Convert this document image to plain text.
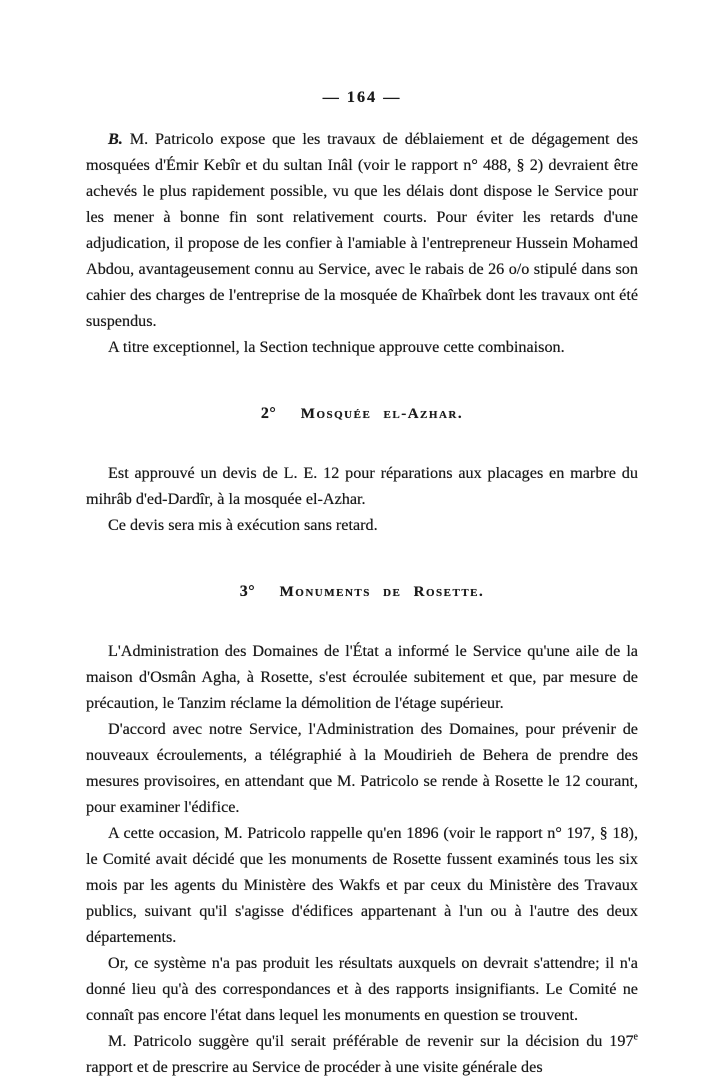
— 164 —

B. M. Patricolo expose que les travaux de déblaiement et de dégagement des mosquées d'Émir Kebîr et du sultan Inâl (voir le rapport n° 488, § 2) devraient être achevés le plus rapidement possible, vu que les délais dont dispose le Service pour les mener à bonne fin sont relativement courts. Pour éviter les retards d'une adjudication, il propose de les confier à l'amiable à l'entrepreneur Hussein Mohamed Abdou, avantageusement connu au Service, avec le rabais de 26 o/o stipulé dans son cahier des charges de l'entreprise de la mosquée de Khaîrbek dont les travaux ont été suspendus.

A titre exceptionnel, la Section technique approuve cette combinaison.

2° Mosquée el-Azhar.

Est approuvé un devis de L. E. 12 pour réparations aux placages en marbre du mihrâb d'ed-Dardîr, à la mosquée el-Azhar.

Ce devis sera mis à exécution sans retard.

3° Monuments de Rosette.

L'Administration des Domaines de l'État a informé le Service qu'une aile de la maison d'Osmân Agha, à Rosette, s'est écroulée subitement et que, par mesure de précaution, le Tanzim réclame la démolition de l'étage supérieur.

D'accord avec notre Service, l'Administration des Domaines, pour prévenir de nouveaux écroulements, a télégraphié à la Moudirieh de Behera de prendre des mesures provisoires, en attendant que M. Patricolo se rende à Rosette le 12 courant, pour examiner l'édifice.

A cette occasion, M. Patricolo rappelle qu'en 1896 (voir le rapport n° 197, § 18), le Comité avait décidé que les monuments de Rosette fussent examinés tous les six mois par les agents du Ministère des Wakfs et par ceux du Ministère des Travaux publics, suivant qu'il s'agisse d'édifices appartenant à l'un ou à l'autre des deux départements.

Or, ce système n'a pas produit les résultats auxquels on devrait s'attendre; il n'a donné lieu qu'à des correspondances et à des rapports insignifiants. Le Comité ne connaît pas encore l'état dans lequel les monuments en question se trouvent.

M. Patricolo suggère qu'il serait préférable de revenir sur la décision du 197e rapport et de prescrire au Service de procéder à une visite générale des
